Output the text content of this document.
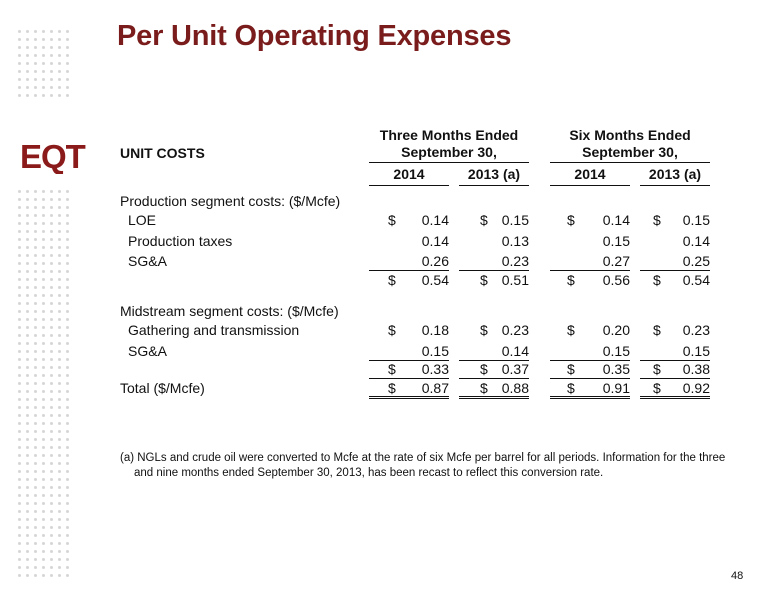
Per Unit Operating Expenses
EQT	UNIT COSTS
Three Months Ended
September 30,
Six Months Ended
September 30,
2014	2013 (a)	2014	2013 (a)
Production segment costs: ($/Mcfe)
LOE	$ 0.14 $ 0.15	$ 0.14 $ 0.15
Production taxes	0.14	0.13	0.15	0.14
SG&A	0.26	0.23	0.27	0.25
$ 0.54 $ 0.51	$ 0.56 $ 0.54
Midstream segment costs: ($/Mcfe)
Gathering and transmission	$ 0.18 $ 0.23	$ 0.20 $ 0.23
SG&A	0.15	0.14	0.15	0.15
$ 0.33 $ 0.37	$ 0.35 $ 0.38
Total ($/Mcfe)	$ 0.87 $ 0.88	$ 0.91 $ 0.92
(a) NGLs and crude oil were converted to Mcfe at the rate of six Mcfe per barrel for all periods. Information for the three and nine months ended September 30, 2013, has been recast to reflect this conversion rate.
48
